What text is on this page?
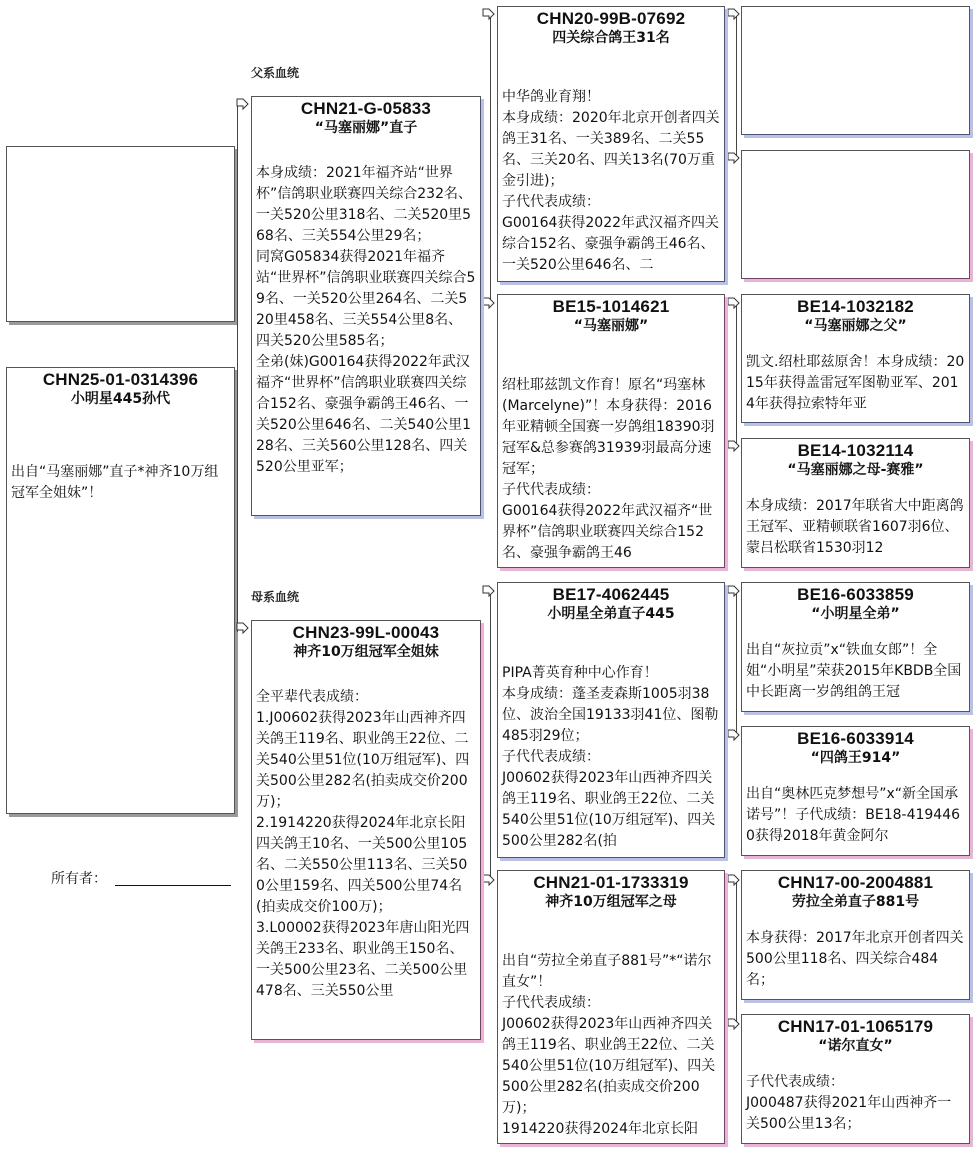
父系血统
母系血统
CHN25-01-0314396
小明星445孙代
出自“马塞丽娜”直子*神齐10万组冠军全姐妹”！
所有者：
CHN21-G-05833
“马塞丽娜”直子
本身成绩：2021年福齐站“世界杯”信鸽职业联赛四关综合232名、一关520公里318名、二关520里568名、三关554公里29名；
同窝G05834获得2021年福齐站“世界杯”信鸽职业联赛四关综合59名、一关520公里264名、二关520里458名、三关554公里8名、四关520公里585名；
全弟(妹)G00164获得2022年武汉福齐“世界杯”信鸽职业联赛四关综合152名、豪强争霸鸽王46名、一关520公里646名、二关540公里128名、三关560公里128名、四关520公里亚军；
CHN23-99L-00043
神齐10万组冠军全姐妹
全平辈代表成绩：
1.J00602获得2023年山西神齐四关鸽王119名、职业鸽王22位、二关540公里51位(10万组冠军)、四关500公里282名(拍卖成交价200万)；
2.1914220获得2024年北京长阳四关鸽王10名、一关500公里105名、二关550公里113名、三关500公里159名、四关500公里74名(拍卖成交价100万)；
3.L00002获得2023年唐山阳光四关鸽王233名、职业鸽王150名、一关500公里23名、二关500公里478名、三关550公里
CHN20-99B-07692
四关综合鸽王31名
中华鸽业育翔！
本身成绩：2020年北京开创者四关鸽王31名、一关389名、二关55名、三关20名、四关13名(70万重金引进)；
子代代表成绩：
G00164获得2022年武汉福齐四关综合152名、豪强争霸鸽王46名、一关520公里646名、二
BE15-1014621
“马塞丽娜”
绍杜耶兹凯文作育！原名“玛塞林(Marcelyne)”！本身获得：2016年亚精顿全国赛一岁鸽组18390羽冠军&总参赛鸽31939羽最高分速冠军；
子代代表成绩：
G00164获得2022年武汉福齐“世界杯”信鸽职业联赛四关综合152名、豪强争霸鸽王46
BE17-4062445
小明星全弟直子445
PIPA菁英育种中心作育！
本身成绩：蓬圣麦森斯1005羽38位、波治全国19133羽41位、图勒485羽29位；
子代代表成绩：
J00602获得2023年山西神齐四关鸽王119名、职业鸽王22位、二关540公里51位(10万组冠军)、四关500公里282名(拍
CHN21-01-1733319
神齐10万组冠军之母
出自“劳拉全弟直子881号”*“诺尔直女”！
子代代表成绩：
J00602获得2023年山西神齐四关鸽王119名、职业鸽王22位、二关540公里51位(10万组冠军)、四关500公里282名(拍卖成交价200万)；
1914220获得2024年北京长阳
BE14-1032182
“马塞丽娜之父”
凯文.绍杜耶兹原舍！本身成绩：2015年获得盖雷冠军图勒亚军、2014年获得拉索特年亚
BE14-1032114
“马塞丽娜之母-赛雅”
本身成绩：2017年联省大中距离鸽王冠军、亚精顿联省1607羽6位、蒙吕松联省1530羽12
BE16-6033859
“小明星全弟”
出自“灰拉贡”x“铁血女郎”！全姐“小明星”荣获2015年KBDB全国中长距离一岁鸽组鸽王冠
BE16-6033914
“四鸽王914”
出自“奥林匹克梦想号”x“新全国承诺号”！子代成绩：BE18-4194460获得2018年黄金阿尔
CHN17-00-2004881
劳拉全弟直子881号
本身获得：2017年北京开创者四关500公里118名、四关综合484名；
CHN17-01-1065179
“诺尔直女”
子代代表成绩：
J000487获得2021年山西神齐一关500公里13名；
